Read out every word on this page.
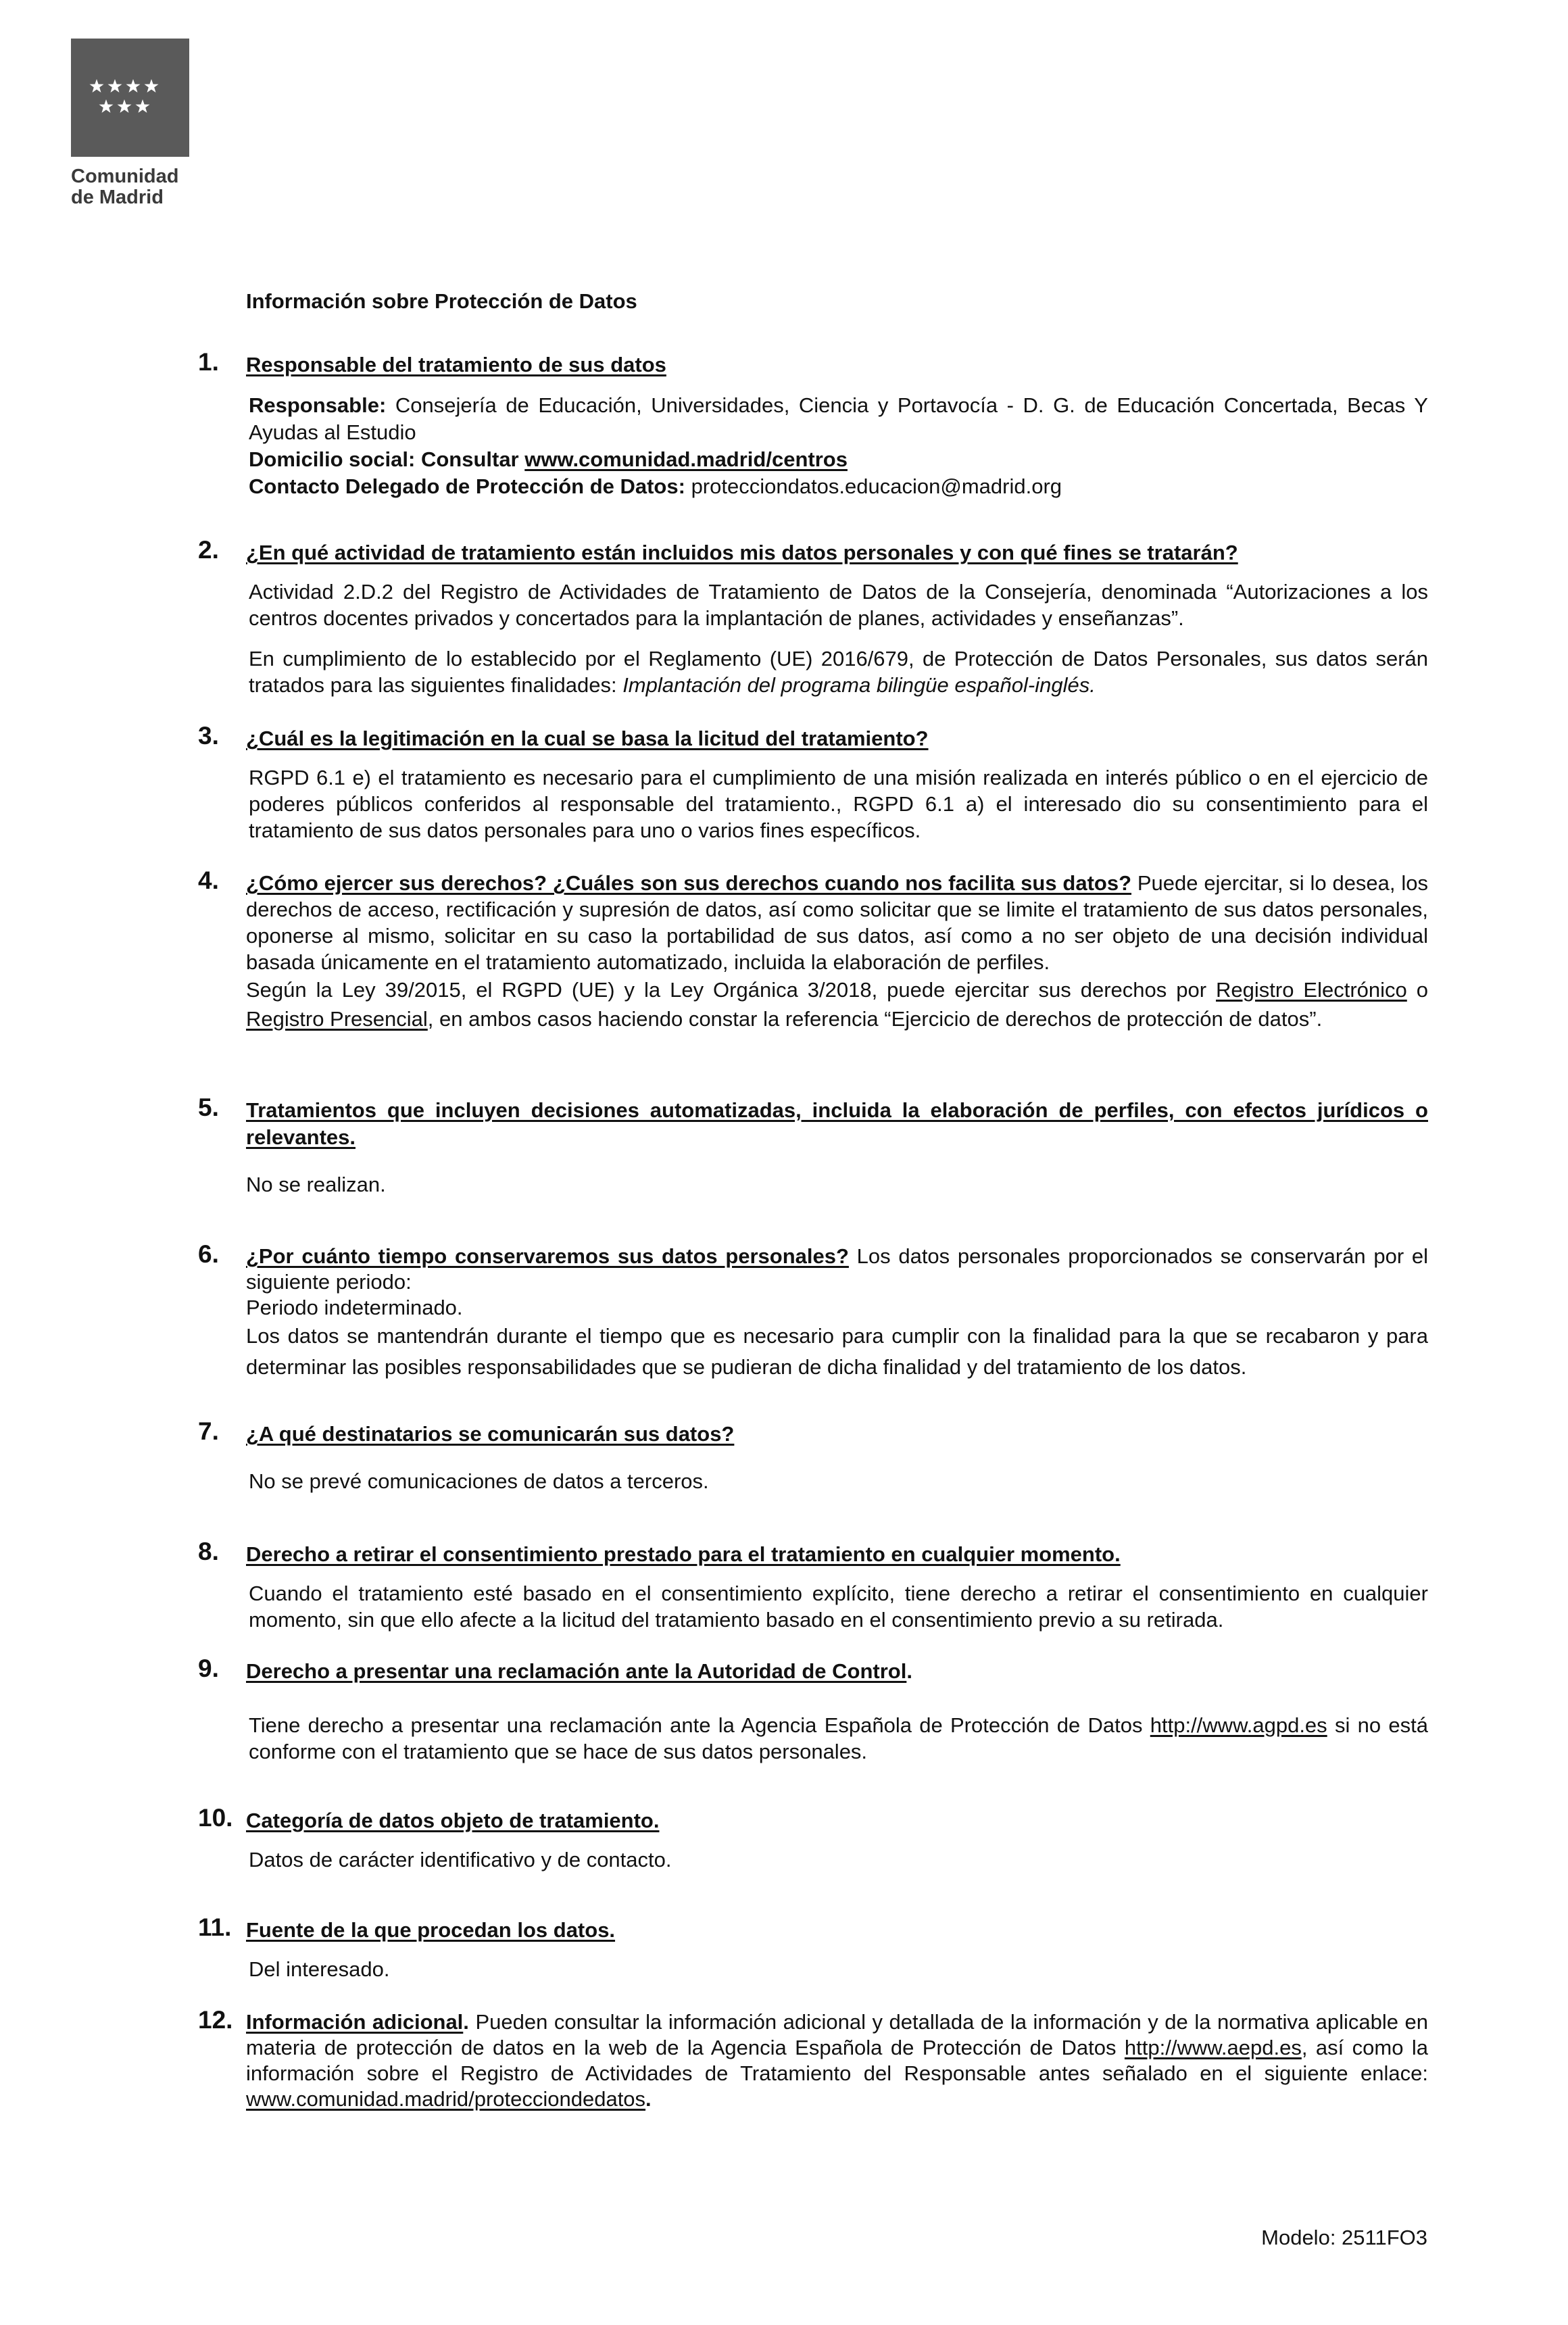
Comunidad
de Madrid
Información sobre Protección de Datos
1. Responsable del tratamiento de sus datos

Responsable: Consejería de Educación, Universidades, Ciencia y Portavocía - D. G. de Educación Concertada, Becas Y Ayudas al Estudio

Domicilio social: Consultar www.comunidad.madrid/centros

Contacto Delegado de Protección de Datos: protecciondatos.educacion@madrid.org

2. ¿En qué actividad de tratamiento están incluidos mis datos personales y con qué fines se tratarán?

Actividad 2.D.2 del Registro de Actividades de Tratamiento de Datos de la Consejería, denominada “Autorizaciones a los centros docentes privados y concertados para la implantación de planes, actividades y enseñanzas”.

En cumplimiento de lo establecido por el Reglamento (UE) 2016/679, de Protección de Datos Personales, sus datos serán tratados para las siguientes finalidades: Implantación del programa bilingüe español-inglés.

3. ¿Cuál es la legitimación en la cual se basa la licitud del tratamiento?

RGPD 6.1 e) el tratamiento es necesario para el cumplimiento de una misión realizada en interés público o en el ejercicio de poderes públicos conferidos al responsable del tratamiento., RGPD 6.1 a) el interesado dio su consentimiento para el tratamiento de sus datos personales para uno o varios fines específicos.

4. ¿Cómo ejercer sus derechos? ¿Cuáles son sus derechos cuando nos facilita sus datos? Puede ejercitar, si lo desea, los derechos de acceso, rectificación y supresión de datos, así como solicitar que se limite el tratamiento de sus datos personales, oponerse al mismo, solicitar en su caso la portabilidad de sus datos, así como a no ser objeto de una decisión individual basada únicamente en el tratamiento automatizado, incluida la elaboración de perfiles.
Según la Ley 39/2015, el RGPD (UE) y la Ley Orgánica 3/2018, puede ejercitar sus derechos por Registro Electrónico o Registro Presencial, en ambos casos haciendo constar la referencia “Ejercicio de derechos de protección de datos”.
5. Tratamientos que incluyen decisiones automatizadas, incluida la elaboración de perfiles, con efectos jurídicos o relevantes.

No se realizan.

6. ¿Por cuánto tiempo conservaremos sus datos personales? Los datos personales proporcionados se conservarán por el siguiente periodo:

Periodo indeterminado.

Los datos se mantendrán durante el tiempo que es necesario para cumplir con la finalidad para la que se recabaron y para determinar las posibles responsabilidades que se pudieran de dicha finalidad y del tratamiento de los datos.

7. ¿A qué destinatarios se comunicarán sus datos?

No se prevé comunicaciones de datos a terceros.

8. Derecho a retirar el consentimiento prestado para el tratamiento en cualquier momento.

Cuando el tratamiento esté basado en el consentimiento explícito, tiene derecho a retirar el consentimiento en cualquier momento, sin que ello afecte a la licitud del tratamiento basado en el consentimiento previo a su retirada.

9. Derecho a presentar una reclamación ante la Autoridad de Control.

Tiene derecho a presentar una reclamación ante la Agencia Española de Protección de Datos http://www.agpd.es si no está conforme con el tratamiento que se hace de sus datos personales.

10. Categoría de datos objeto de tratamiento.

Datos de carácter identificativo y de contacto.

11. Fuente de la que procedan los datos.

Del interesado.

12. Información adicional. Pueden consultar la información adicional y detallada de la información y de la normativa aplicable en materia de protección de datos en la web de la Agencia Española de Protección de Datos http://www.aepd.es, así como la información sobre el Registro de Actividades de Tratamiento del Responsable antes señalado en el siguiente enlace: www.comunidad.madrid/protecciondedatos.
Modelo: 2511FO3
